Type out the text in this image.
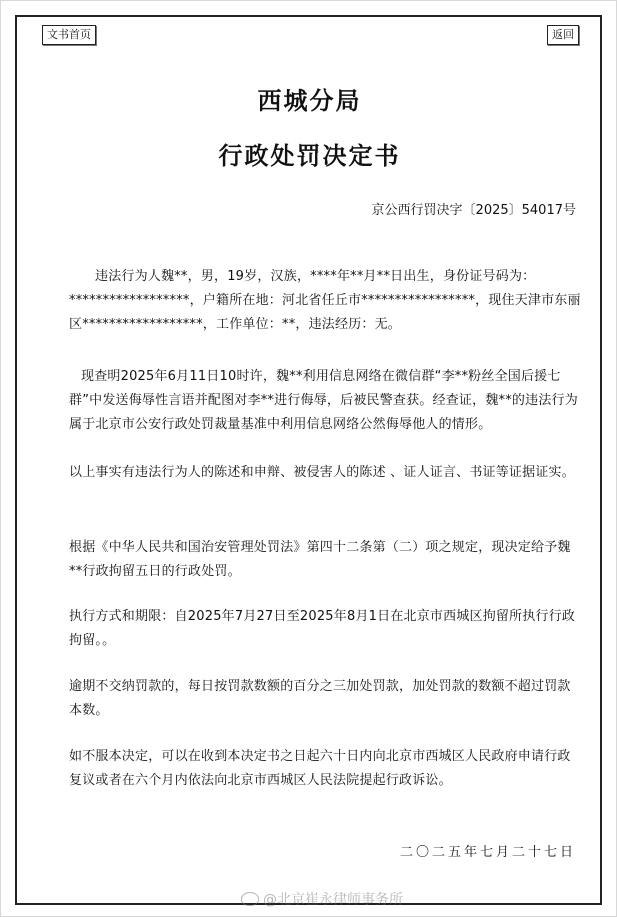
文书首页	返回
西城分局
行政处罚决定书
京公西行罚决字〔2025〕54017号

违法行为人魏**，男，19岁，汉族，****年**月**日出生，身份证号码为：******************，户籍所在地：河北省任丘市*****************，现住天津市东丽区******************，工作单位：**，违法经历：无。

现查明2025年6月11日10时许，魏**利用信息网络在微信群“李**粉丝全国后援七群”中发送侮辱性言语并配图对李**进行侮辱，后被民警查获。经查证，魏**的违法行为属于北京市公安行政处罚裁量基准中利用信息网络公然侮辱他人的情形。

以上事实有违法行为人的陈述和申辩、被侵害人的陈述 、证人证言、书证等证据证实。

根据《中华人民共和国治安管理处罚法》第四十二条第（二）项之规定，现决定给予魏**行政拘留五日的行政处罚。

执行方式和期限：自2025年7月27日至2025年8月1日在北京市西城区拘留所执行行政拘留。。

逾期不交纳罚款的，每日按罚款数额的百分之三加处罚款，加处罚款的数额不超过罚款本数。

如不服本决定，可以在收到本决定书之日起六十日内向北京市西城区人民政府申请行政复议或者在六个月内依法向北京市西城区人民法院提起行政诉讼。

二〇二五年七月二十七日
@北京崔永律师事务所
